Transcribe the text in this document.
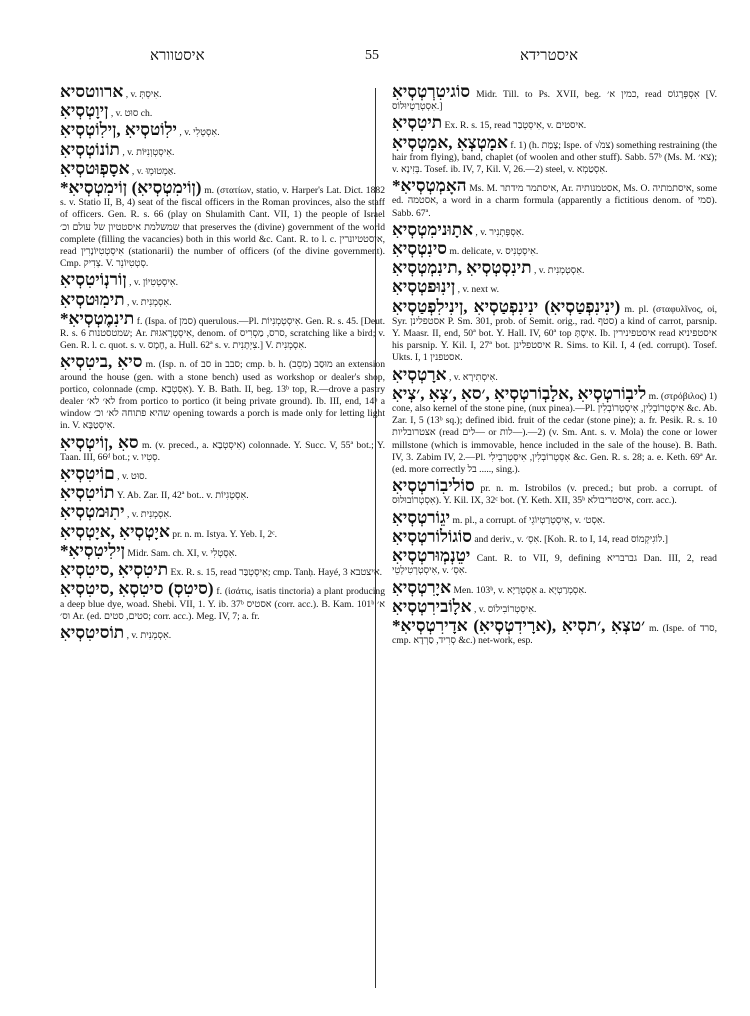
איסטוורא	55	איסטרידא
איסטוורא , v. אִיסְתְּ.
אִיסְטְוָין , v. סוּט ch.
אִיסְטְוֹלִין, אִיסְטוֹלִי , v. אִסְטְלִי.
אִיסְטְוֹנוֹת , v. אִיסְטְוְנִיּוֹת.
אִיסְטוּפְסָא , v. אַמְטוּמְוּ.
*אִיסְטְמִיוֹן (אִיסְטְמִיוֹן) m. (στατίων, statio, v. Harper's Lat. Dict. 1882 s. v. Statio II, B, 4) seat of the fiscal officers in the Roman provinces, also the staff of officers. Gen. R. s. 66 (play on Shulamith Cant. VII, 1) the people of Israel שמשלמת איסטטיון של עולם וכ׳ that preserves the (divine) government of the world complete (filling the vacancies) both in this world &c. Cant. R. to l. c. איסטטיונרין, read אִיסְטְטִיוֹנָרִין (stationarii) the number of officers (of the divine government). Cmp. צְדִיק. V. סְטְטִיוֹנֵר.
אִיסְטִיוֹנְרוֹן , v. אִיסְטְטִיוֹן.
אִיסְטוּמִית , v. אִסְמְנִית.
*אִיסְטְמֶנִית f. (Ispa. of סמן) querulous.—Pl. אִיסְטְמְנִיוֹת. Gen. R. s. 45. [Deut. R. s. 6 שמטסטנות; Ar. אִיסְטְרָאגוּת, denom. of סרס, מַסְרִיס, scratching like a bird; v. Gen. R. l. c. quot. s. v. חָמָס, a. Hull. 62ª s. v. צִיְתָנִית.] V. אִסְמְנִית.
אִיסְטִיב, אִיס m. (Isp. n. of סב in סבב; cmp. b. h. מוּסַב (מַסֵב) an extension around the house (gen. with a stone bench) used as workshop or dealer's shop, portico, colonnade (cmp. אִסְטְבָא). Y. B. Bath. II, beg. 13ᵇ top, R.—drove a pastry dealer לא׳ לא׳ from portico to portico (it being private ground). Ib. III, end, 14ᵇ a window שהיא פתוחה לא׳ וכ׳ opening towards a porch is made only for letting light in. V. אִיסְטַבָּא.
אִיסְטְיוֹן, אִס m. (v. preced., a. אִיסְטְבָא) colonnade. Y. Succ. V, 55ª bot.; Y. Taan. III, 66ᵈ bot.; v. סְטִיו.
אִיסְטִיוֹם , v. סוּט.
אִיסְטִיוֹת Y. Ab. Zar. II, 42ª bot.. v. אִסְטְגִיוֹת.
אִיסְטְמוּתִי , v. אִסְמְנִית.
אִיסְטְיָא, אִיסְטְיָא pr. n. m. Istya. Y. Yeb. I, 2ᶜ.
*אִיסְטִילִין Midr. Sam. ch. XI, v. אִסְטְלִי.
אִיסְטִיס, אִיסְטִית Ex. R. s. 15, read אִיסְטְבַּר; cmp. Tanḥ. Hayé, 3 איצטבא.
אִיסְטִיס, אִסְטִיס (סְטִיס) f. (ἰσάτις, isatis tinctoria) a plant producing a deep blue dye, woad. Shebi. VII, 1. Y. ib. 37ᵇ אסטיס (corr. acc.). B. Kam. 101ᵇ א׳ וס׳ Ar. (ed. סטים, סטים; corr. acc.). Meg. IV, 7; a. fr.
אִיסְטִיסוֹת , v. אִסְמְנִית.
אִיסְטְרְטִיגוֹס Midr. Till. to Ps. XVII, beg. כמין א׳, read אִסְפְּרָגוֹס [V. אִסְטְרַטְיוּלוֹס.]
אִיסְטִית Ex. R. s. 15, read אִיסְטְבַר, v. איסטים.
אִיסְטְמָא, אִצְטְמָא f. 1) (h. צָמַת; Ispe. of √צמ) something restraining (the hair from flying), band, chaplet (of woolen and other stuff). Sabb. 57ᵇ (Ms. M. צא׳); v. בְּזִינָא. Tosef. ib. IV, 7, Kil. V, 26.—2) steel, v. אִסְטַמְא.
*אִיסְטְמְאָה Ms. M. איסתמר מידתר, Ar. אסטמנותיה, Ms. O. איסתמתיה, some ed. אסטמה, a word in a charm formula (apparently a fictitious denom. of סמי). Sabb. 67ª.
אִיסְטְמִינוּתָא , v. אִסְפְּתְנִיר.
אִיסְטְנִיס m. delicate, v. אִיסְטְנִיס.
אִיסְטְמְנִית, אִיסְטְסְנִית , v. אִסְטְמְנִית.
אִיסְטְפוּנִין , v. next w.
אִיסְטַפְלִינִין, אִיסְטַפְנִינִי (אִיסְטַפְנִינִי) m. pl. (σταφυλῖνος, οἱ, Syr. אסטפלינן P. Sm. 301, prob. of Semit. orig., rad. סטף) a kind of carrot, parsnip. Y. Maasr. II, end, 50ª bot. Y. Hall. IV, 60ª top אִיסְתָּ. Ib. איסטפינירין read איסטפיניא his parsnip. Y. Kil. I, 27ª bot. איסטפלינן R. Sims. to Kil. I, 4 (ed. corrupt). Tosef. Ukts. I, 1 אסטפנין.
אִיסְטְרָא , v. אִיסְתִירָא.
אִיצְ׳, אִצְ׳, אִס׳, אִיסְטְרוֹבְלָא, אִיסְטְרוֹבִיל m. (στρόβιλος) 1) cone, also kernel of the stone pine, (nux pinea).—Pl. אִיסְטְרוֹבְלִין, אִיסְטְרוֹבְלִין &c. Ab. Zar. I, 5 (13ᵇ sq.); defined ibid. fruit of the cedar (stone pine); a. fr. Pesik. R. s. 10 אצטרובליות (read לים— or לות—).—2) (v. Sm. Ant. s. v. Mola) the cone or lower millstone (which is immovable, hence included in the sale of the house). B. Bath. IV, 3. Zabim IV, 2.—Pl. אִסְטְרוֹבְלִין, אִיסְטְרְבֵילִי &c. Gen. R. s. 28; a. e. Keth. 69ª Ar. (ed. more correctly בל ....., sing.).
אִיסְטְרוֹבִילוֹס pr. n. m. Istrobilos (v. preced.; but prob. a corrupt. of אִסְטְרוֹבוּלוּס). Y. Kil. IX, 32ᶜ bot. (Y. Keth. XII, 35ᵇ איסטריבולא, corr. acc.).
אִיסְטְרוֹגֵי m. pl., a corrupt. of אִיסְטְרַטְיוֹגֵי, v. אִסְט׳.
אִיסְטְרוֹלוֹגוֹס and deriv., v. אִסְ׳. [Koh. R. to I, 14, read לוֹגִיקְמוֹס.]
אִיסְטְרוּמְנְטֵי Cant. R. to VII, 9, defining גברבריא Dan. III, 2, read אִיסְטְרְטִילְטֵי, v. אִסְ׳.
אִיסְטְרִיָא Men. 103ᵇ, v. אִסְטְרַיָא a. אִסְמְרַטְיָא.
אִיסְטְרִיבוֹלָא , v. אִיסְטְרוֹבִילוֹס.
*אִיסְטְרִידָא (אִיסְטְדִירָא), אִיסְת׳, אִצְט׳ m. (Ispe. of סרד, cmp. סְרִיד, סַרְדָא &c.) net-work, esp.
